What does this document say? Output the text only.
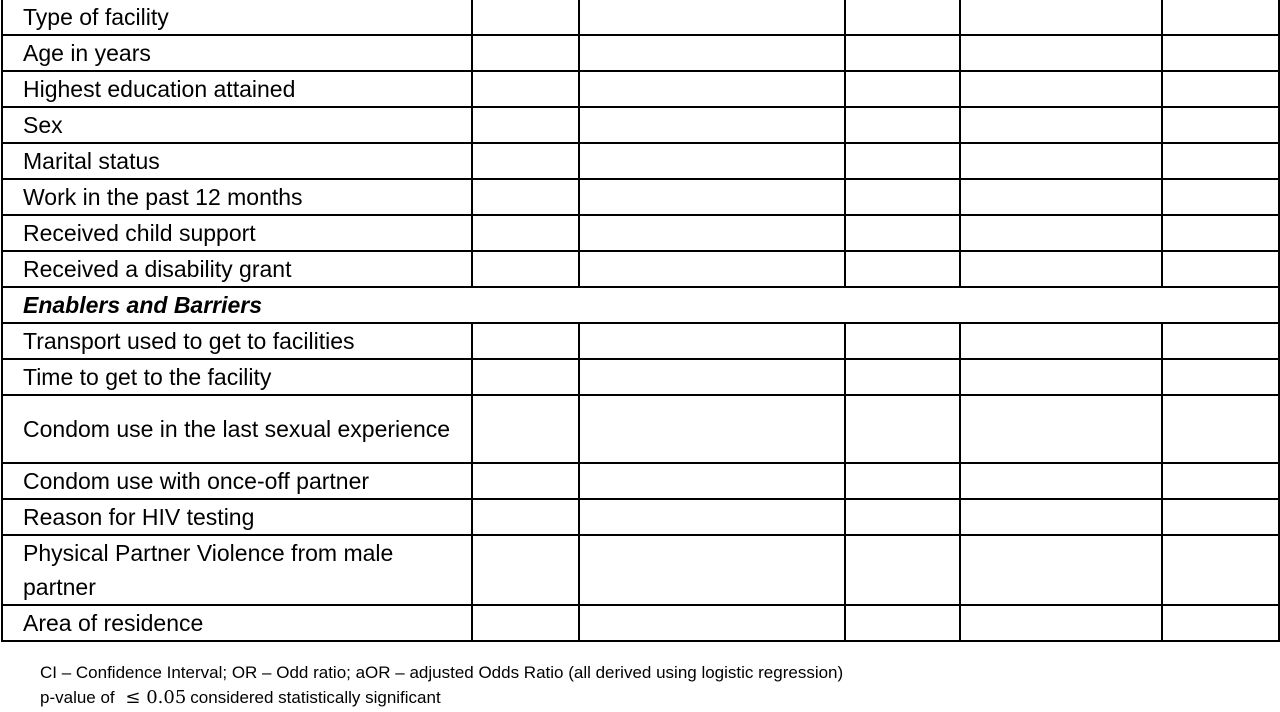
Type of facility					
Age in years					
Highest education attained					
Sex					
Marital status					
Work in the past 12 months					
Received child support					
Received a disability grant					
Enablers and Barriers					
Transport used to get to facilities					
Time to get to the facility					
Condom use in the last sexual experience					
Condom use with once-off partner					
Reason for HIV testing					
Physical Partner Violence from male partner					
Area of residence					
CI – Confidence Interval; OR – Odd ratio; aOR – adjusted Odds Ratio (all derived using logistic regression)
p-value of ≤ 0.05 considered statistically significant
